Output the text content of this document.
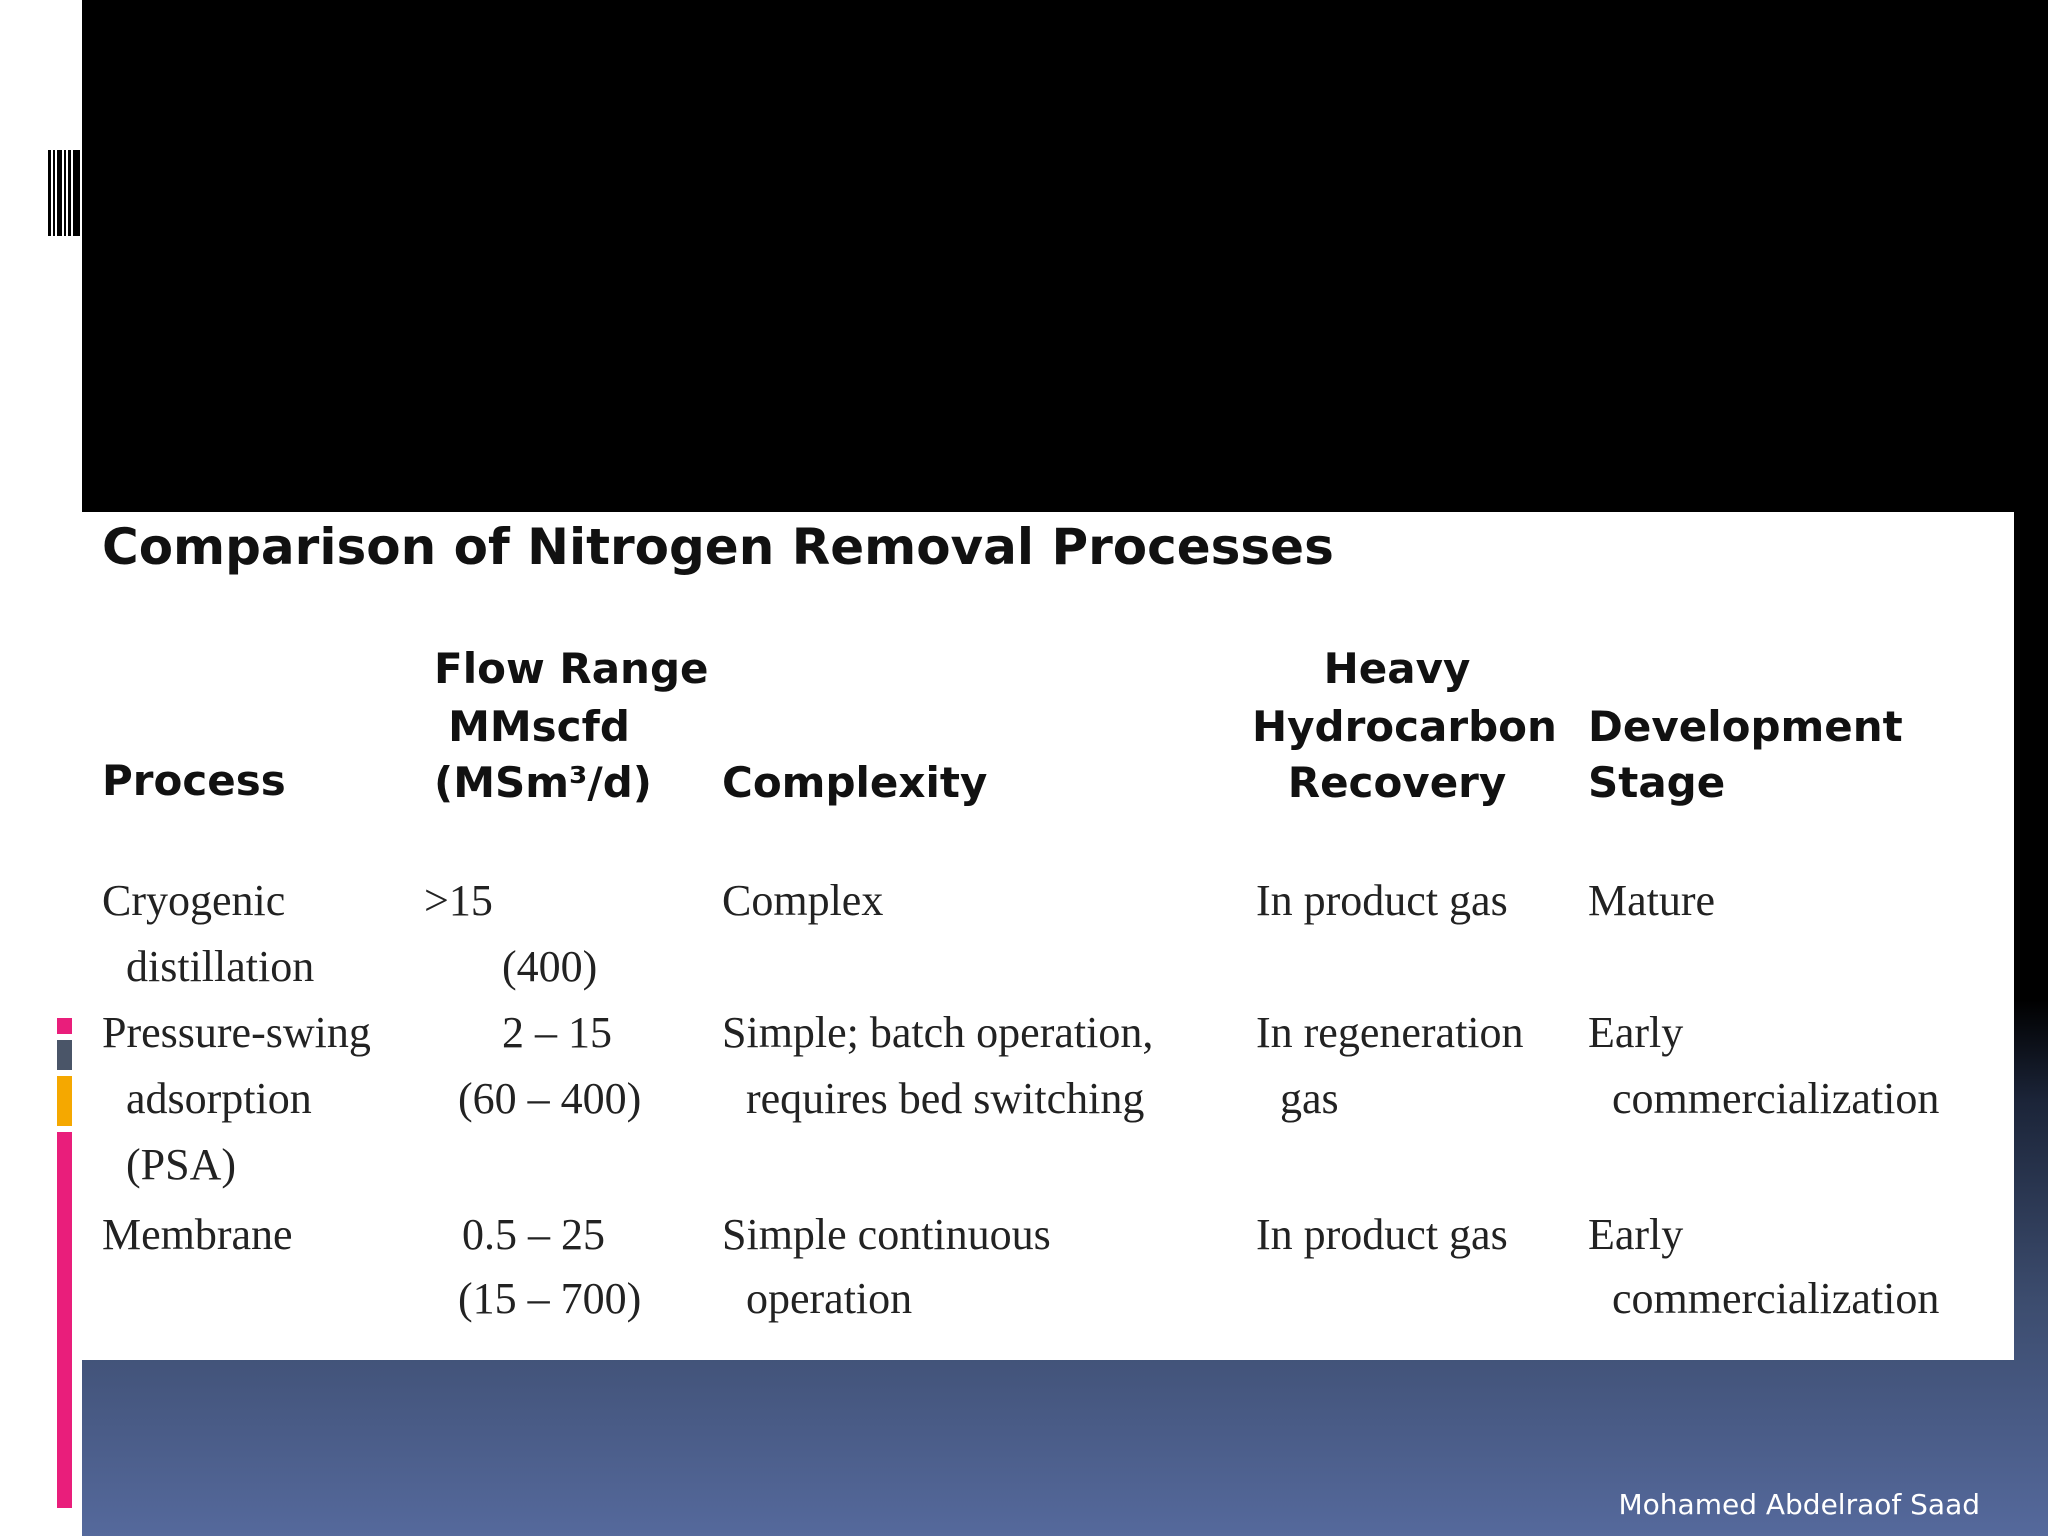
Comparison of Nitrogen Removal Processes
Process
Flow Range
MMscfd
(MSm³/d) Complexity
Heavy
Hydrocarbon
Recovery
Development
Stage
Cryogenic
distillation
>15
(400)
Complex	In product gas Mature
Pressure-swing
adsorption
(PSA)
2 – 15
(60 – 400)
Simple; batch operation,
requires bed switching
In regeneration
gas
Early
commercialization
Membrane	0.5 – 25
(15 – 700)
Simple continuous
operation
In product gas Early
commercialization
Mohamed Abdelraof Saad
